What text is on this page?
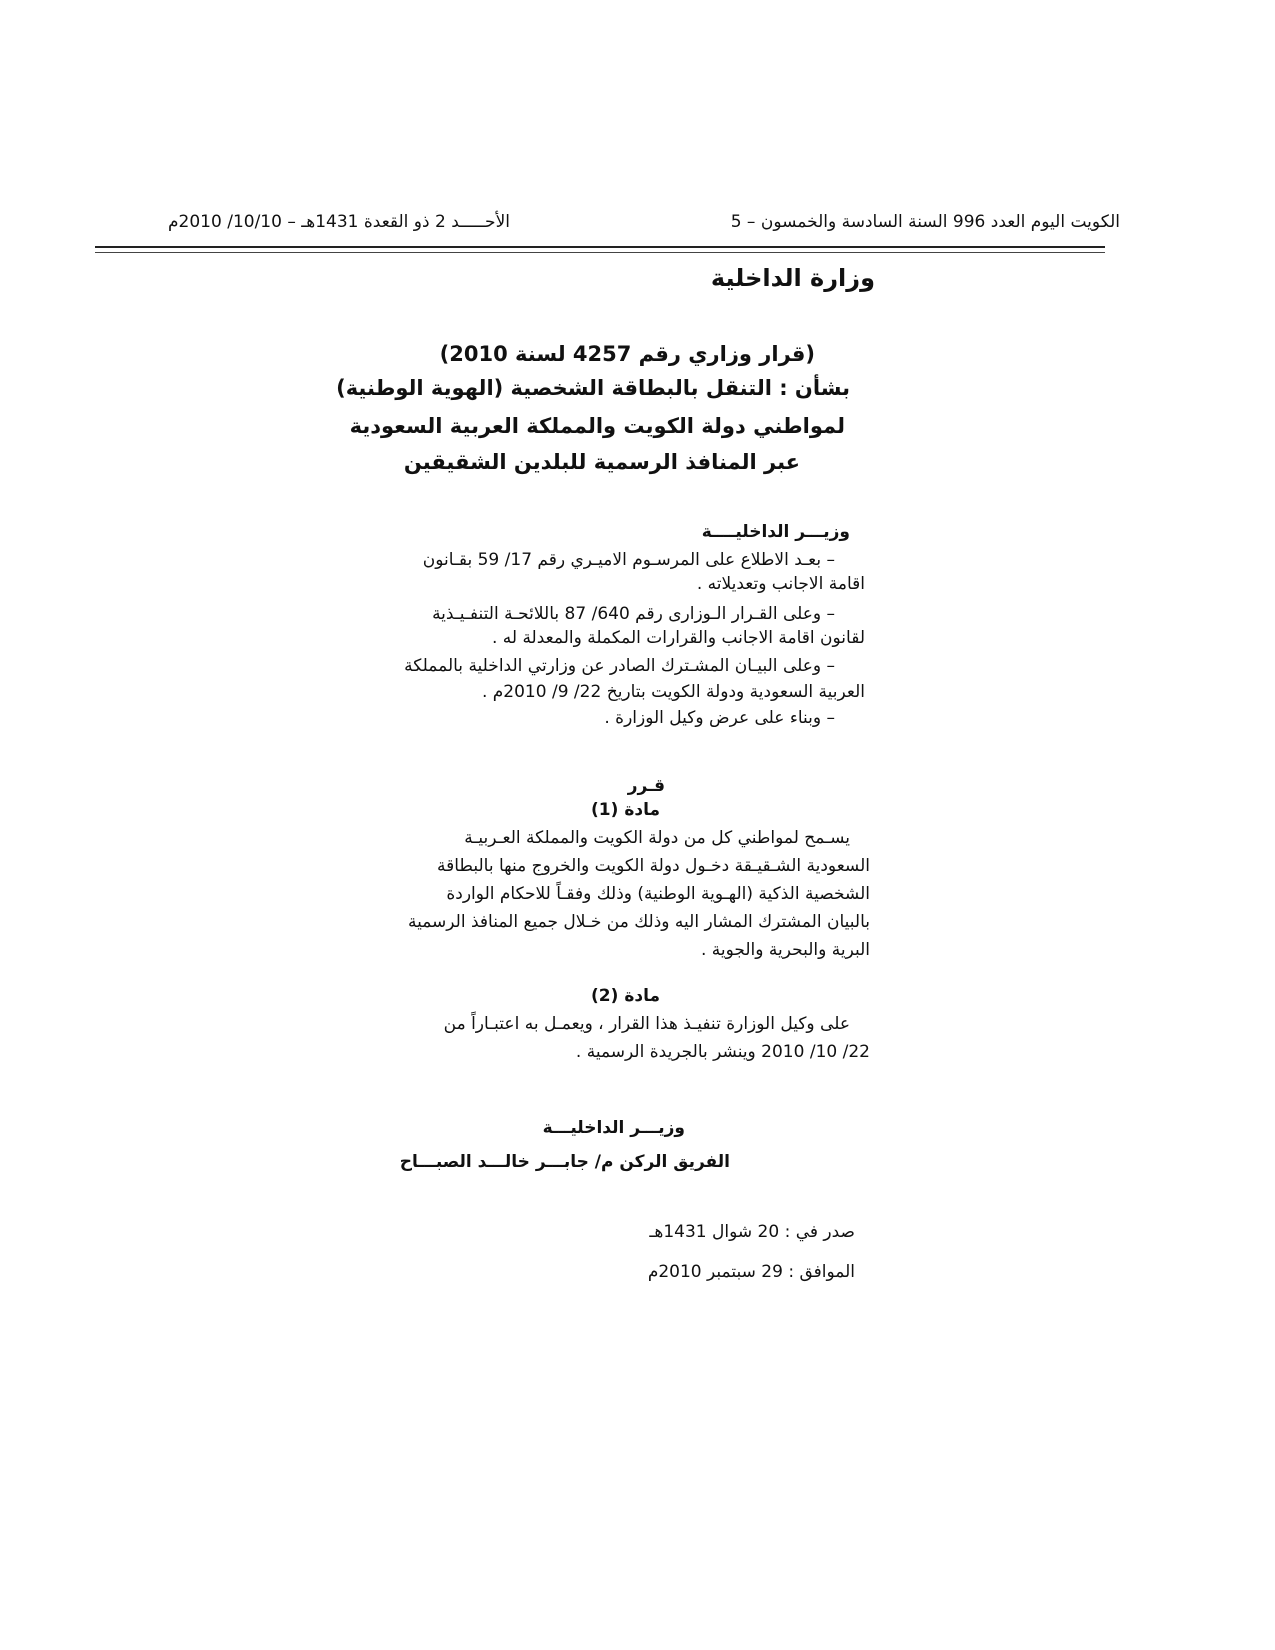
الكويت اليوم العدد 996 السنة السادسة والخمسون – 5
الأحـــــد 2 ذو القعدة 1431هـ – 10/10/ 2010م
وزارة الداخلية
(قرار وزاري رقم 4257 لسنة 2010)
بشأن : التنقل بالبطاقة الشخصية (الهوية الوطنية)
لمواطني دولة الكويت والمملكة العربية السعودية
عبر المنافذ الرسمية للبلدين الشقيقين
وزيـــر الداخليــــة
– بعـد الاطلاع على المرسـوم الاميـري رقم 17/ 59 بقـانون
اقامة الاجانب وتعديلاته .
– وعلى القـرار الـوزارى رقم 640/ 87 باللائحـة التنفـيـذية
لقانون اقامة الاجانب والقرارات المكملة والمعدلة له .
– وعلى البيـان المشـترك الصادر عن وزارتي الداخلية بالمملكة
العربية السعودية ودولة الكويت بتاريخ 22/ 9/ 2010م .
– وبناء على عرض وكيل الوزارة .
قـرر
مادة (1)
يسـمح لمواطني كل من دولة الكويت والمملكة العـربيـة
السعودية الشـقيـقة دخـول دولة الكويت والخروج منها بالبطاقة
الشخصية الذكية (الهـوية الوطنية) وذلك وفقـاً للاحكام الواردة
بالبيان المشترك المشار اليه وذلك من خـلال جميع المنافذ الرسمية
البرية والبحرية والجوية .
مادة (2)
على وكيل الوزارة تنفيـذ هذا القرار ، ويعمـل به اعتبـاراً من
22/ 10/ 2010 وينشر بالجريدة الرسمية .
وزيـــر الداخليـــة
الفريق الركن م/ جابـــر خالـــد الصبـــاح
صدر في : 20 شوال 1431هـ
الموافق : 29 سبتمبر 2010م
